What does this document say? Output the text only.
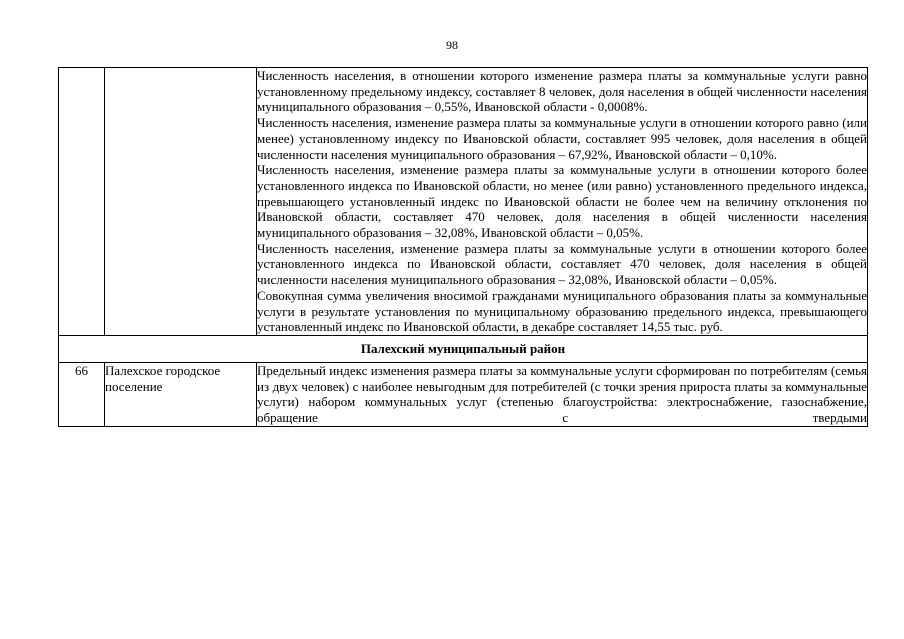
98

		Численность населения, в отношении которого изменение размера платы за коммунальные услуги равно установленному предельному индексу, составляет 8 человек, доля населения в общей численности населения муниципального образования – 0,55%, Ивановской области - 0,0008%.

Численность населения, изменение размера платы за коммунальные услуги в отношении которого равно (или менее) установленному индексу по Ивановской области, составляет 995 человек, доля населения в общей численности населения муниципального образования – 67,92%, Ивановской области – 0,10%.

Численность населения, изменение размера платы за коммунальные услуги в отношении которого более установленного индекса по Ивановской области, но менее (или равно) установленного предельного индекса, превышающего установленный индекс по Ивановской области не более чем на величину отклонения по Ивановской области, составляет 470 человек, доля населения в общей численности населения муниципального образования – 32,08%, Ивановской области – 0,05%.

Численность населения, изменение размера платы за коммунальные услуги в отношении которого более установленного индекса по Ивановской области, составляет 470 человек, доля населения в общей численности населения муниципального образования – 32,08%, Ивановской области – 0,05%.

Совокупная сумма увеличения вносимой гражданами муниципального образования платы за коммунальные услуги в результате установления по муниципальному образованию предельного индекса, превышающего установленный индекс по Ивановской области, в декабре составляет 14,55 тыс. руб.

Палехский муниципальный район		
66	Палехское городское поселение	Предельный индекс изменения размера платы за коммунальные услуги сформирован по потребителям (семья из двух человек) с наиболее невыгодным для потребителей (с точки зрения прироста платы за коммунальные услуги) набором коммунальных услуг (степенью благоустройства: электроснабжение, газоснабжение, обращение с твердыми
